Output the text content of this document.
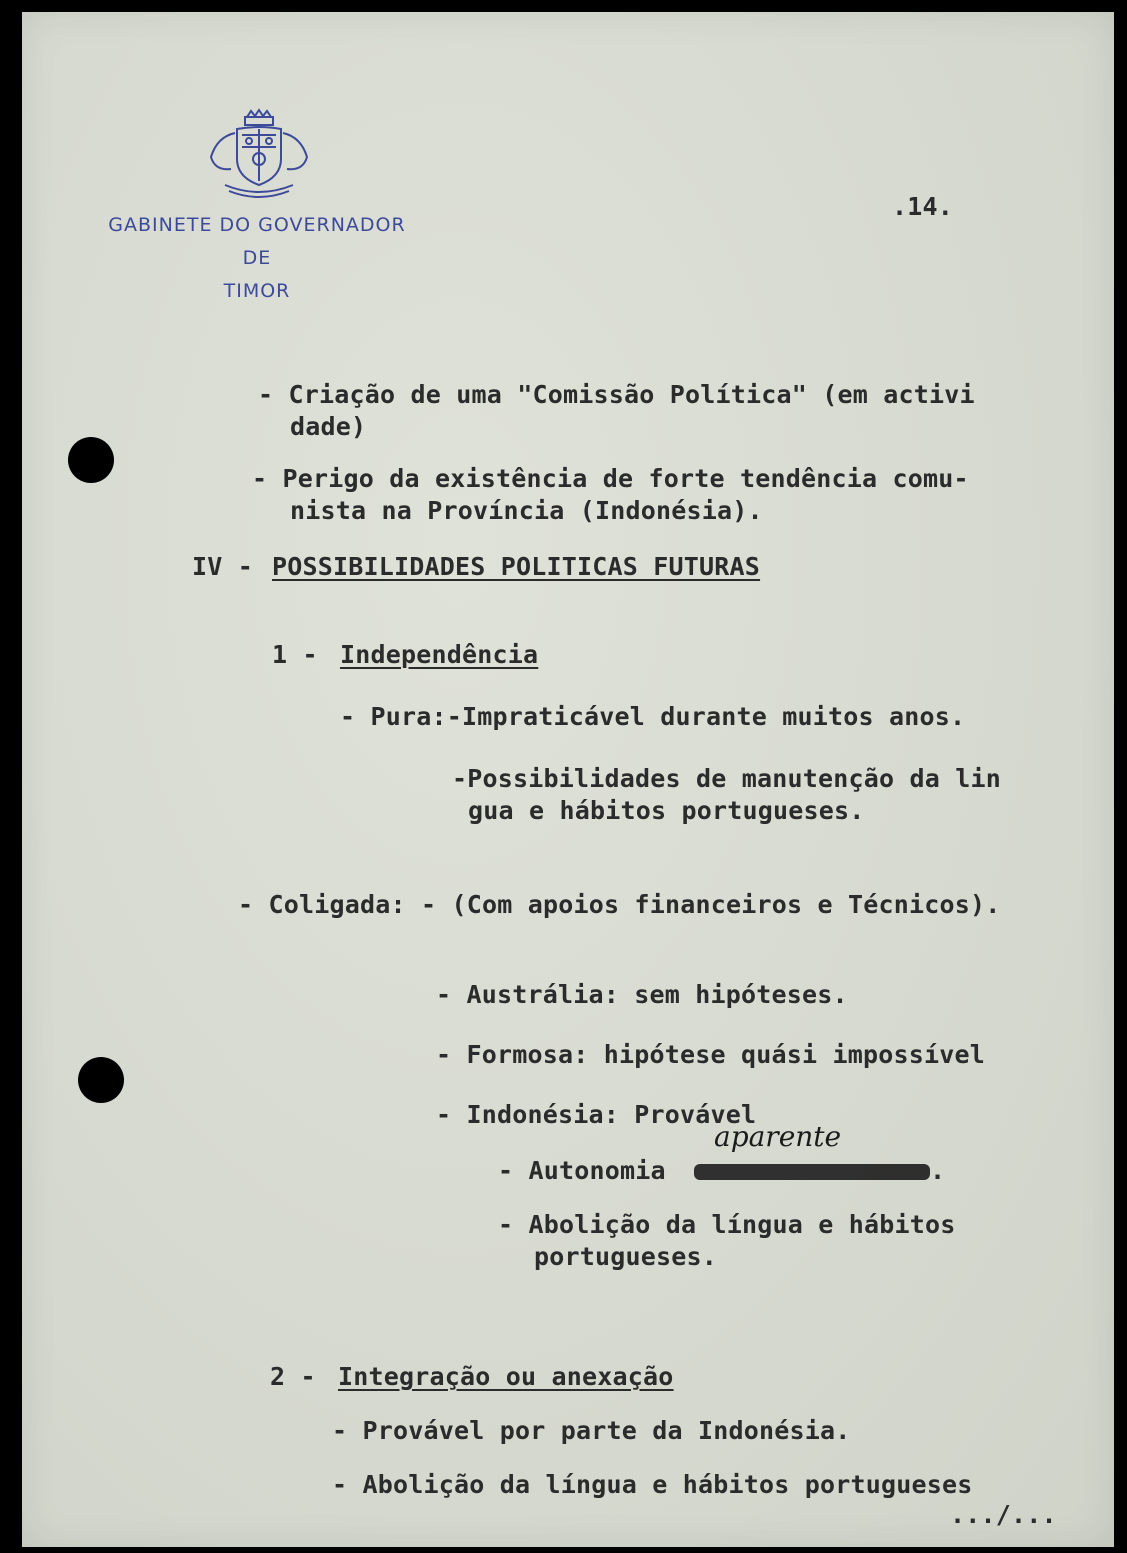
GABINETE DO GOVERNADOR
DE
TIMOR
.14.
- Criação de uma "Comissão Política" (em activi
dade)
- Perigo da existência de forte tendência comu-
nista na Província (Indonésia).
IV - POSSIBILIDADES POLITICAS FUTURAS
1 - Independência
- Pura:-Impraticável durante muitos anos.
-Possibilidades de manutenção da lin
gua e hábitos portugueses.
- Coligada: - (Com apoios financeiros e Técnicos).
- Austrália: sem hipóteses.
- Formosa: hipótese quási impossível
- Indonésia: Provável
aparente
- Autonomia	.
- Abolição da língua e hábitos
portugueses.
2 - Integração ou anexação
- Provável por parte da Indonésia.
- Abolição da língua e hábitos portugueses
.../...
